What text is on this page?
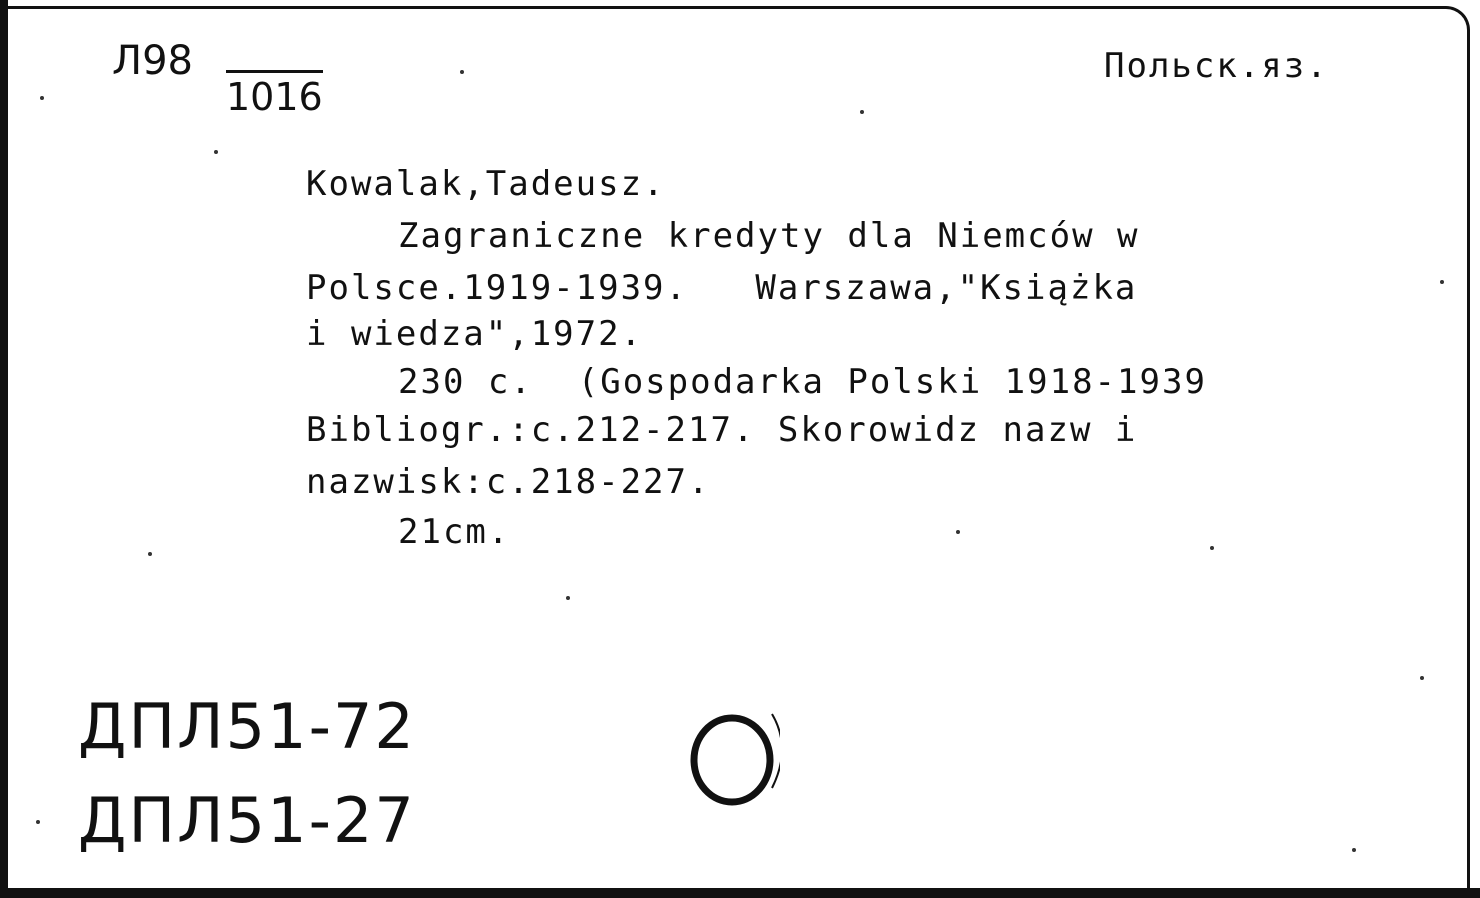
Л98
1016
Польск.яз.
Kowalak,Tadeusz.
Zagraniczne kredyty dla Niemców w
Polsce.1919-1939.   Warszawa,"Książka
i wiedza",1972.
230 c.  (Gospodarka Polski 1918-1939
Bibliogr.:c.212-217. Skorowidz nazw i
nazwisk:c.218-227.
21cm.
ДПЛ51-72
ДПЛ51-27
